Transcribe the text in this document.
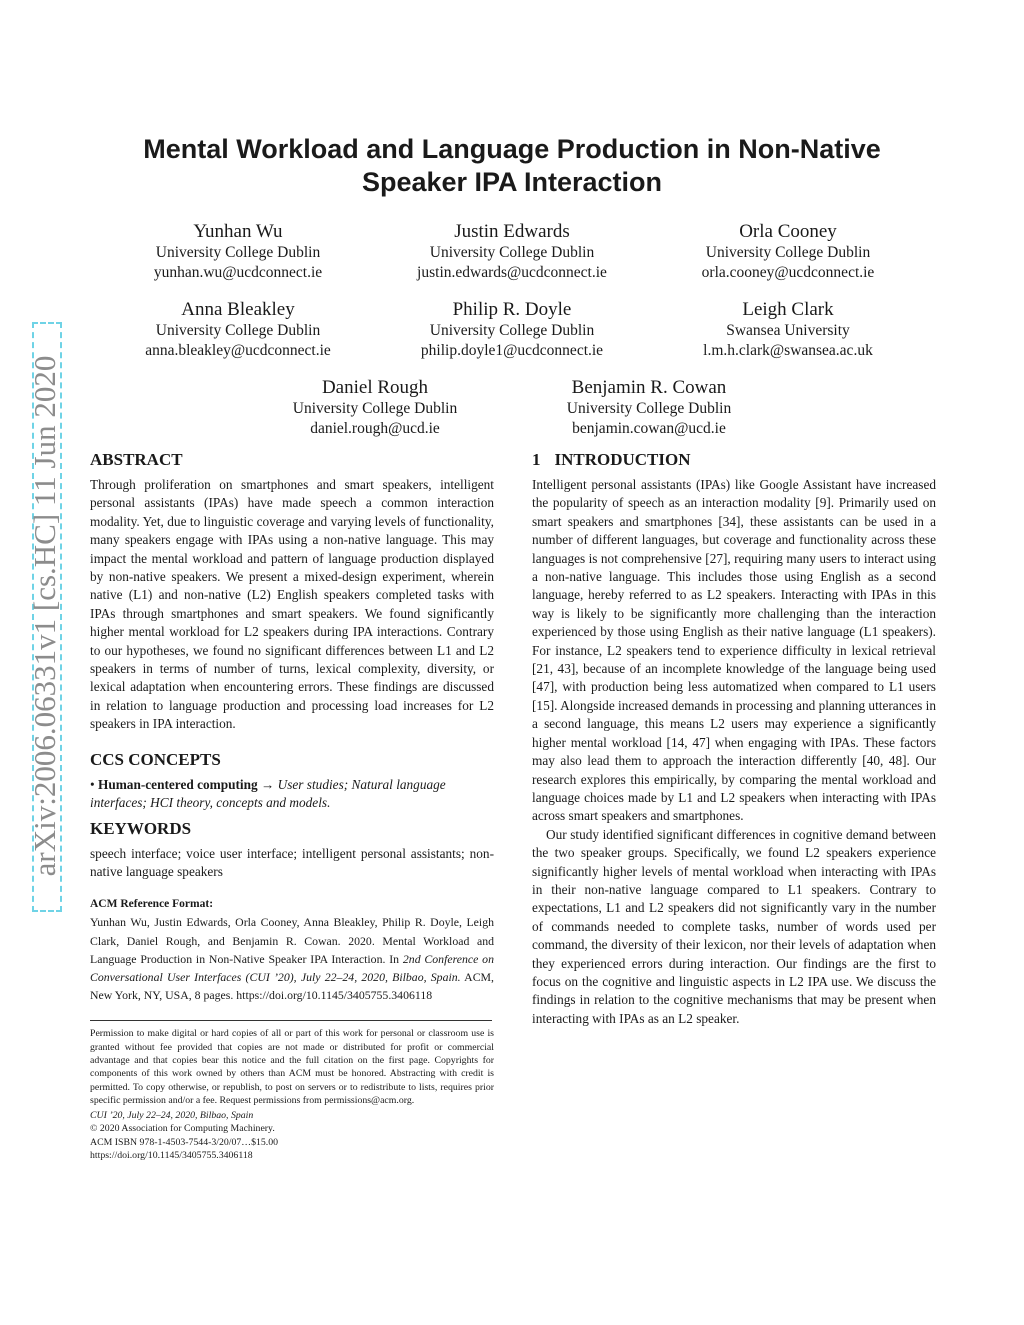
arXiv:2006.06331v1 [cs.HC] 11 Jun 2020
Mental Workload and Language Production in Non-Native
Speaker IPA Interaction
Yunhan Wu
University College Dublin
yunhan.wu@ucdconnect.ie
Justin Edwards
University College Dublin
justin.edwards@ucdconnect.ie
Orla Cooney
University College Dublin
orla.cooney@ucdconnect.ie
Anna Bleakley
University College Dublin
anna.bleakley@ucdconnect.ie
Philip R. Doyle
University College Dublin
philip.doyle1@ucdconnect.ie
Leigh Clark
Swansea University
l.m.h.clark@swansea.ac.uk
Daniel Rough
University College Dublin
daniel.rough@ucd.ie
Benjamin R. Cowan
University College Dublin
benjamin.cowan@ucd.ie
ABSTRACT

Through proliferation on smartphones and smart speakers, intelligent personal assistants (IPAs) have made speech a common interaction modality. Yet, due to linguistic coverage and varying levels of functionality, many speakers engage with IPAs using a non-native language. This may impact the mental workload and pattern of language production displayed by non-native speakers. We present a mixed-design experiment, wherein native (L1) and non-native (L2) English speakers completed tasks with IPAs through smartphones and smart speakers. We found significantly higher mental workload for L2 speakers during IPA interactions. Contrary to our hypotheses, we found no significant differences between L1 and L2 speakers in terms of number of turns, lexical complexity, diversity, or lexical adaptation when encountering errors. These findings are discussed in relation to language production and processing load increases for L2 speakers in IPA interaction.

CCS CONCEPTS

• Human-centered computing → User studies; Natural language interfaces; HCI theory, concepts and models.

KEYWORDS

speech interface; voice user interface; intelligent personal assistants; non-native language speakers

ACM Reference Format:

Yunhan Wu, Justin Edwards, Orla Cooney, Anna Bleakley, Philip R. Doyle, Leigh Clark, Daniel Rough, and Benjamin R. Cowan. 2020. Mental Workload and Language Production in Non-Native Speaker IPA Interaction. In 2nd Conference on Conversational User Interfaces (CUI ’20), July 22–24, 2020, Bilbao, Spain. ACM, New York, NY, USA, 8 pages. https://doi.org/10.1145/3405755.3406118

Permission to make digital or hard copies of all or part of this work for personal or classroom use is granted without fee provided that copies are not made or distributed for profit or commercial advantage and that copies bear this notice and the full citation on the first page. Copyrights for components of this work owned by others than ACM must be honored. Abstracting with credit is permitted. To copy otherwise, or republish, to post on servers or to redistribute to lists, requires prior specific permission and/or a fee. Request permissions from permissions@acm.org.

CUI ’20, July 22–24, 2020, Bilbao, Spain

© 2020 Association for Computing Machinery.

ACM ISBN 978-1-4503-7544-3/20/07…$15.00

https://doi.org/10.1145/3405755.3406118

1 INTRODUCTION

Intelligent personal assistants (IPAs) like Google Assistant have increased the popularity of speech as an interaction modality [9]. Primarily used on smart speakers and smartphones [34], these assistants can be used in a number of different languages, but coverage and functionality across these languages is not comprehensive [27], requiring many users to interact using a non-native language. This includes those using English as a second language, hereby referred to as L2 speakers. Interacting with IPAs in this way is likely to be significantly more challenging than the interaction experienced by those using English as their native language (L1 speakers). For instance, L2 speakers tend to experience difficulty in lexical retrieval [21, 43], because of an incomplete knowledge of the language being used [47], with production being less automatized when compared to L1 users [15]. Alongside increased demands in processing and planning utterances in a second language, this means L2 users may experience a significantly higher mental workload [14, 47] when engaging with IPAs. These factors may also lead them to approach the interaction differently [40, 48]. Our research explores this empirically, by comparing the mental workload and language choices made by L1 and L2 speakers when interacting with IPAs across smart speakers and smartphones.

Our study identified significant differences in cognitive demand between the two speaker groups. Specifically, we found L2 speakers experience significantly higher levels of mental workload when interacting with IPAs in their non-native language compared to L1 speakers. Contrary to expectations, L1 and L2 speakers did not significantly vary in the number of commands needed to complete tasks, number of words used per command, the diversity of their lexicon, nor their levels of adaptation when they experienced errors during interaction. Our findings are the first to focus on the cognitive and linguistic aspects in L2 IPA use. We discuss the findings in relation to the cognitive mechanisms that may be present when interacting with IPAs as an L2 speaker.
